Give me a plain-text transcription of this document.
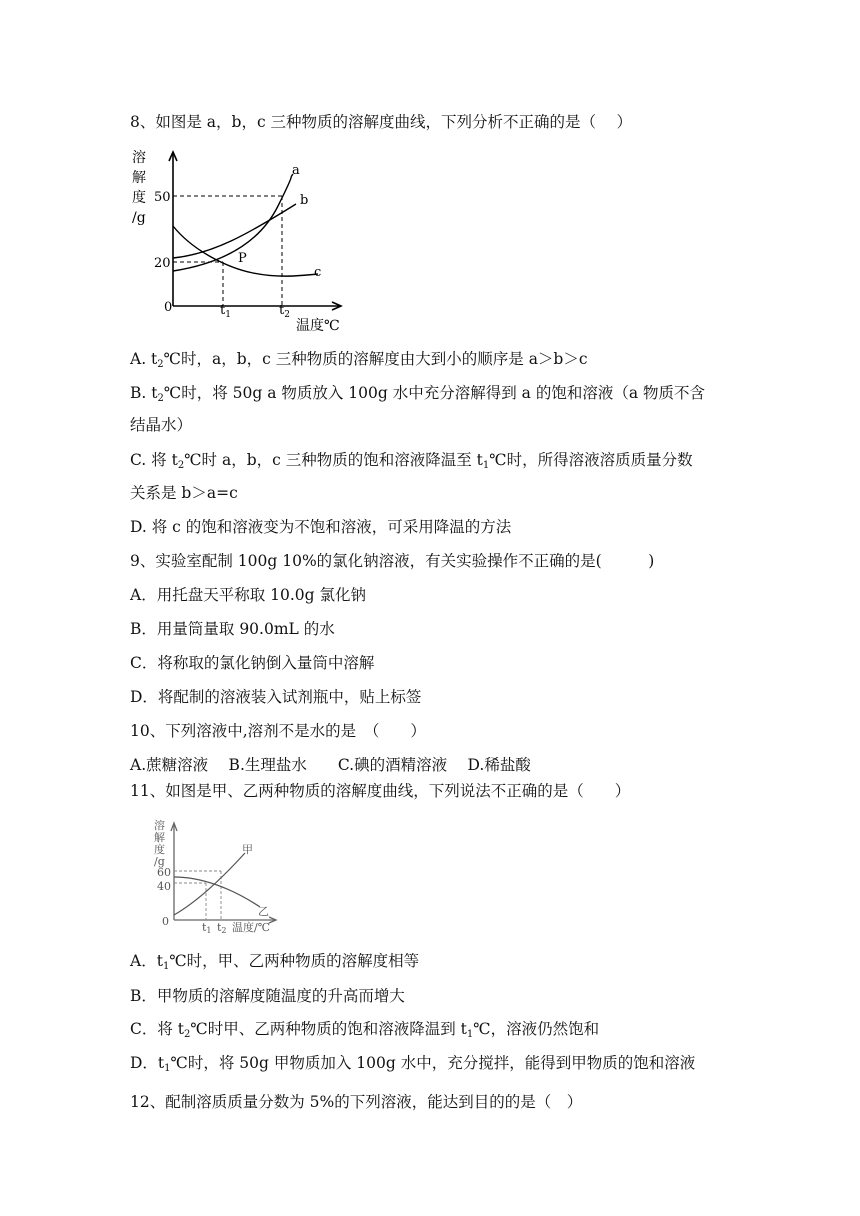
8、如图是 a，b，c 三种物质的溶解度曲线，下列分析不正确的是（　 ）
溶
解
度
/g
50
20
0	$t_1$	$t_2$
P
a
b
c
温度℃
A. $t_2℃$时，a，b，c 三种物质的溶解度由大到小的顺序是 a＞b＞c
B. $t_2℃$时，将 50g a 物质放入 100g 水中充分溶解得到 a 的饱和溶液（a 物质不含
结晶水）
C. 将 $t_2℃$时 a，b，c 三种物质的饱和溶液降温至 $t_1℃$时，所得溶液溶质质量分数
关系是 b＞a=c
D. 将 c 的饱和溶液变为不饱和溶液，可采用降温的方法
9、实验室配制 100g 10%的氯化钠溶液，有关实验操作不正确的是(　　　)
A．用托盘天平称取 10.0g 氯化钠
B．用量筒量取 90.0mL 的水
C．将称取的氯化钠倒入量筒中溶解
D．将配制的溶液装入试剂瓶中，贴上标签
10、下列溶液中,溶剂不是水的是　（　　）
A.蔗糖溶液　 B.生理盐水　　C.碘的酒精溶液　 D.稀盐酸
11、如图是甲、乙两种物质的溶解度曲线，下列说法不正确的是（　　）
溶
解
度
/g
60
40
0	t1 t2 温度/℃
甲
乙
A．$t_1℃$时，甲、乙两种物质的溶解度相等
B．甲物质的溶解度随温度的升高而增大
C．将 $t_2℃$时甲、乙两种物质的饱和溶液降温到 $t_1℃$，溶液仍然饱和
D．$t_1℃$时，将 50g 甲物质加入 100g 水中，充分搅拌，能得到甲物质的饱和溶液
12、配制溶质质量分数为 5%的下列溶液，能达到目的的是（　）
